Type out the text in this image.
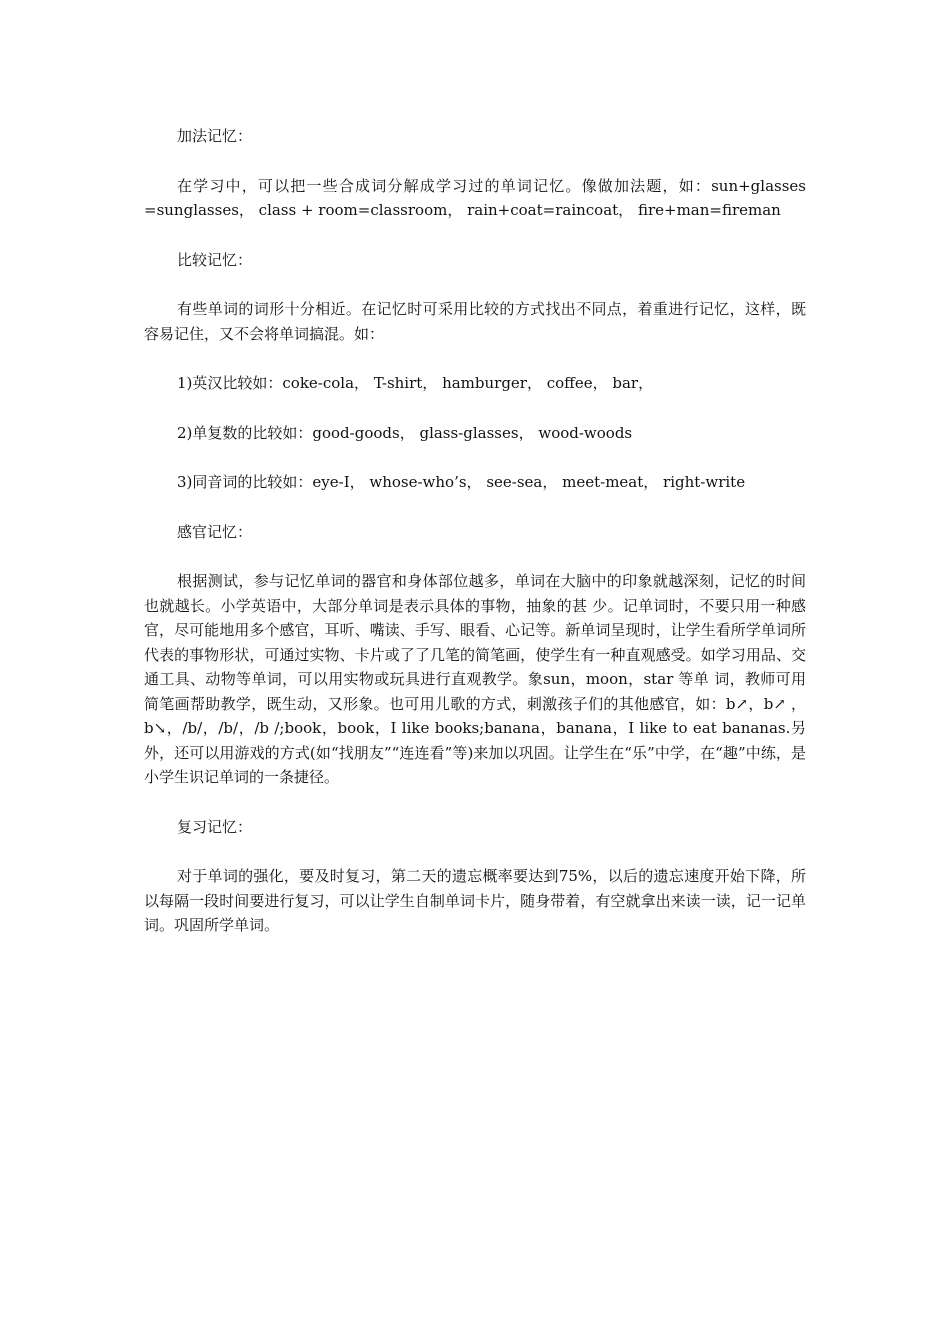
加法记忆：

在学习中，可以把一些合成词分解成学习过的单词记忆。像做加法题，如：sun+glasses =sunglasses， class + room=classroom， rain+coat=raincoat， fire+man=fireman

比较记忆：

有些单词的词形十分相近。在记忆时可采用比较的方式找出不同点，着重进行记忆，这样，既容易记住，又不会将单词搞混。如：

1)英汉比较如：coke-cola， T-shirt， hamburger， coffee， bar，

2)单复数的比较如：good-goods， glass-glasses， wood-woods

3)同音词的比较如：eye-I， whose-who’s， see-sea， meet-meat， right-write

感官记忆：

根据测试，参与记忆单词的器官和身体部位越多，单词在大脑中的印象就越深刻，记忆的时间也就越长。小学英语中，大部分单词是表示具体的事物，抽象的甚 少。记单词时，不要只用一种感官，尽可能地用多个感官，耳听、嘴读、手写、眼看、心记等。新单词呈现时，让学生看所学单词所代表的事物形状，可通过实物、卡片或了了几笔的简笔画，使学生有一种直观感受。如学习用品、交通工具、动物等单词，可以用实物或玩具进行直观教学。象sun，moon，star 等单 词，教师可用简笔画帮助教学，既生动，又形象。也可用儿歌的方式，刺激孩子们的其他感官，如：b↗，b↗ ，b↘，/b/，/b/，/b /;book，book，I like books;banana，banana，I like to eat bananas.另外，还可以用游戏的方式(如“找朋友”“连连看”等)来加以巩固。让学生在“乐”中学，在“趣”中练，是小学生识记单词的一条捷径。

复习记忆：

对于单词的强化，要及时复习，第二天的遗忘概率要达到75%，以后的遗忘速度开始下降，所以每隔一段时间要进行复习，可以让学生自制单词卡片，随身带着，有空就拿出来读一读，记一记单词。巩固所学单词。
